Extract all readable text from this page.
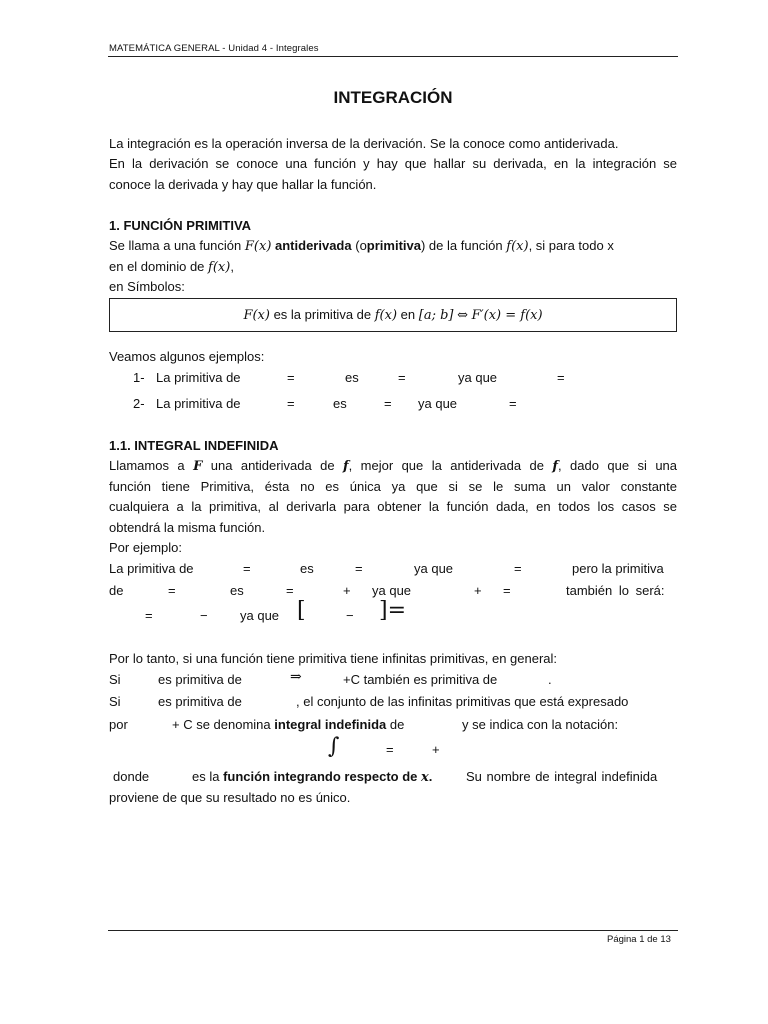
MATEMÁTICA GENERAL - Unidad 4 - Integrales
INTEGRACIÓN
La integración es la operación inversa de la derivación. Se la conoce como antiderivada.
En la derivación se conoce una función y hay que hallar su derivada, en la integración se
conoce la derivada y hay que hallar la función.
1. FUNCIÓN PRIMITIVA
Se llama a una función F(x) antiderivada (oprimitiva) de la función f(x), si para todo x
en el dominio de f(x),
en Símbolos:
F(x) es la primitiva de f(x) en [a; b] ⇔ F′(x) = f(x)
Veamos algunos ejemplos:
1- La primitiva de	=	es	=	ya que	=
2- La primitiva de	=	es	= ya que	=
1.1. INTEGRAL INDEFINIDA
Llamamos a F una antiderivada de f, mejor que la antiderivada de f, dado que si una
función tiene Primitiva, ésta no es única ya que si se le suma un valor constante
cualquiera a la primitiva, al derivarla para obtener la función dada, en todos los casos se
obtendrá la misma función.
Por ejemplo:
La primitiva de	=	es	=	ya que	=	pero la primitiva
de	=	es	=	+ ya que	+ =	también lo será:
=	− ya que [	− ]=
Por lo tanto, si una función tiene primitiva tiene infinitas primitivas, en general:
Si	es primitiva de	⇒	+C también es primitiva de	.
Si	es primitiva de	, el conjunto de las infinitas primitivas que está expresado
por	+ C se denomina integral indefinida de	y se indica con la notación:
∫	=	+
donde	es la función integrando respecto de x.	Su nombre de integral indefinida
proviene de que su resultado no es único.
Página 1 de 13
